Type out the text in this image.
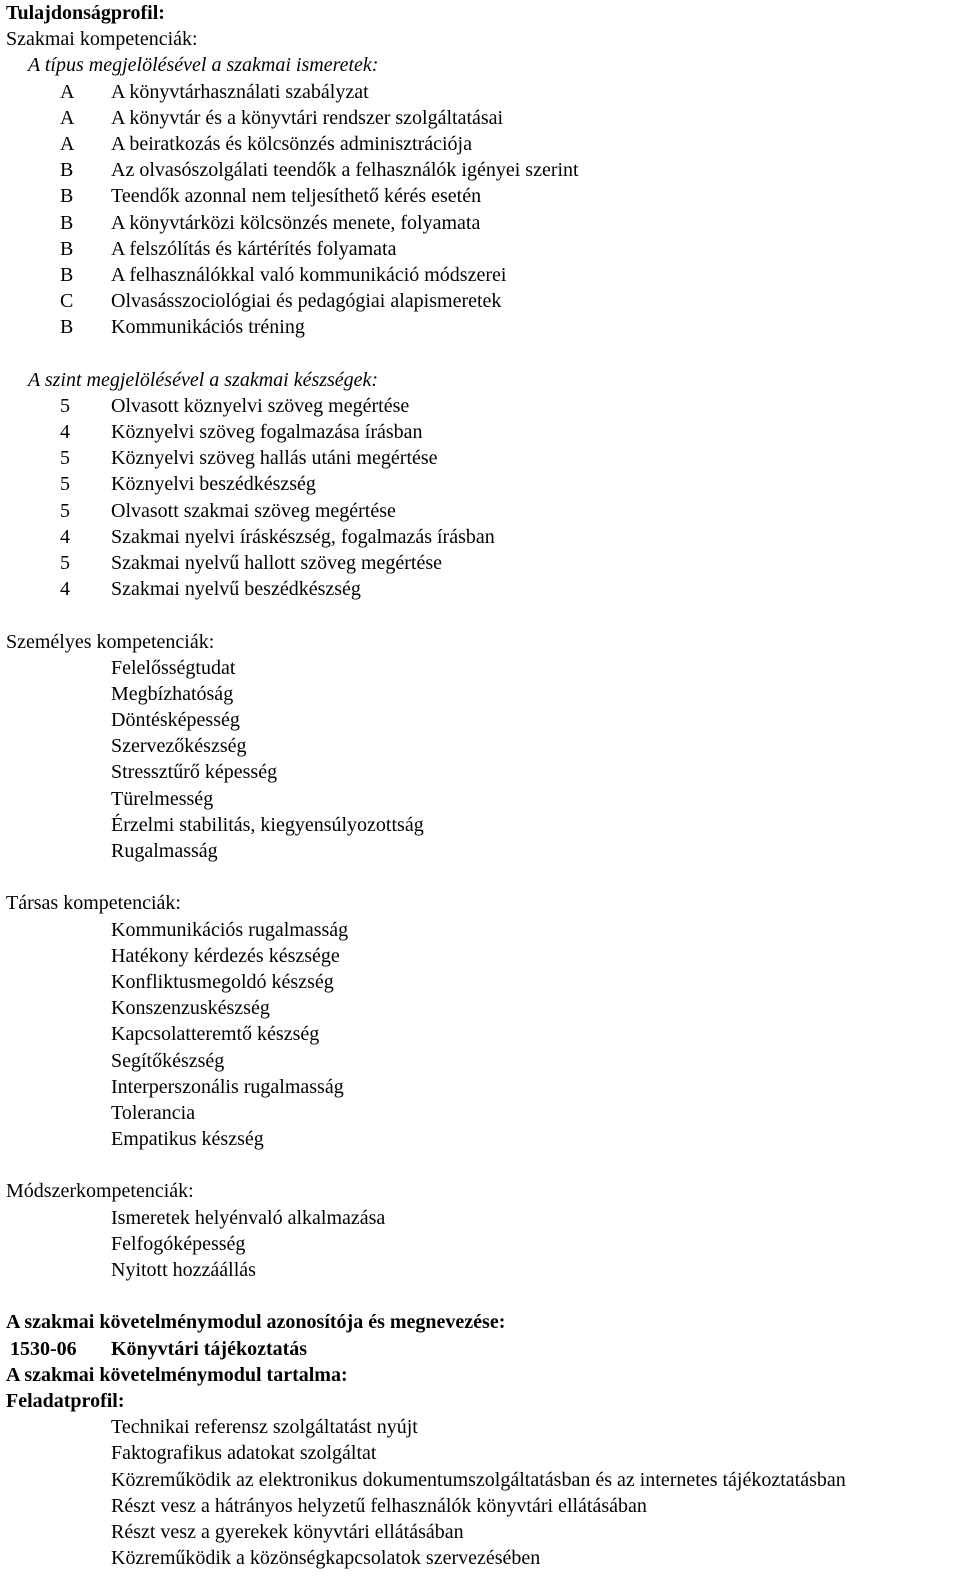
Tulajdonságprofil:
Szakmai kompetenciák:
A típus megjelölésével a szakmai ismeretek:
A	A könyvtárhasználati szabályzat
A	A könyvtár és a könyvtári rendszer szolgáltatásai
A	A beiratkozás és kölcsönzés adminisztrációja
B	Az olvasószolgálati teendők a felhasználók igényei szerint
B	Teendők azonnal nem teljesíthető kérés esetén
B	A könyvtárközi kölcsönzés menete, folyamata
B	A felszólítás és kártérítés folyamata
B	A felhasználókkal való kommunikáció módszerei
C	Olvasásszociológiai és pedagógiai alapismeretek
B	Kommunikációs tréning
A szint megjelölésével a szakmai készségek:
5	Olvasott köznyelvi szöveg megértése
4	Köznyelvi szöveg fogalmazása írásban
5	Köznyelvi szöveg hallás utáni megértése
5	Köznyelvi beszédkészség
5	Olvasott szakmai szöveg megértése
4	Szakmai nyelvi íráskészség, fogalmazás írásban
5	Szakmai nyelvű hallott szöveg megértése
4	Szakmai nyelvű beszédkészség
Személyes kompetenciák:
Felelősségtudat
Megbízhatóság
Döntésképesség
Szervezőkészség
Stressztűrő képesség
Türelmesség
Érzelmi stabilitás, kiegyensúlyozottság
Rugalmasság
Társas kompetenciák:
Kommunikációs rugalmasság
Hatékony kérdezés készsége
Konfliktusmegoldó készség
Konszenzuskészség
Kapcsolatteremtő készség
Segítőkészség
Interperszonális rugalmasság
Tolerancia
Empatikus készség
Módszerkompetenciák:
Ismeretek helyénvaló alkalmazása
Felfogóképesség
Nyitott hozzáállás
A szakmai követelménymodul azonosítója és megnevezése:
1530-06	Könyvtári tájékoztatás
A szakmai követelménymodul tartalma:
Feladatprofil:
Technikai referensz szolgáltatást nyújt
Faktografikus adatokat szolgáltat
Közreműködik az elektronikus dokumentumszolgáltatásban és az internetes tájékoztatásban
Részt vesz a hátrányos helyzetű felhasználók könyvtári ellátásában
Részt vesz a gyerekek könyvtári ellátásában
Közreműködik a közönségkapcsolatok szervezésében
